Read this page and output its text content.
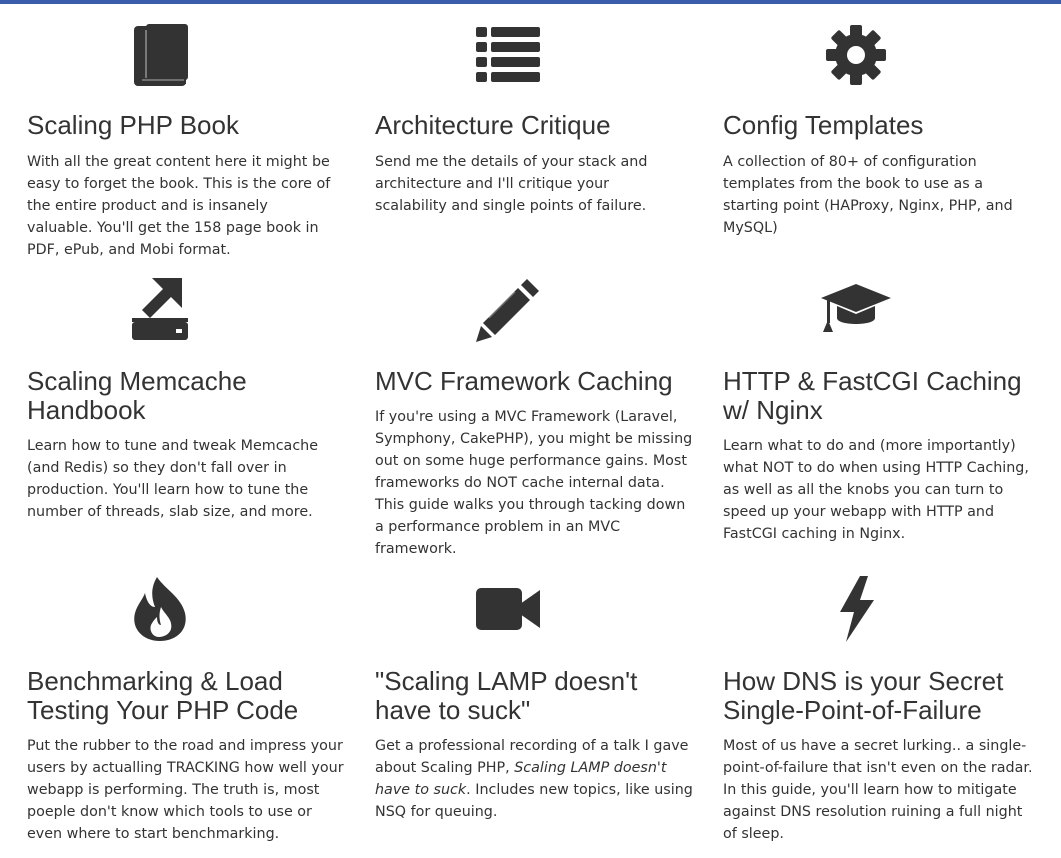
Scaling PHP Book

With all the great content here it might be easy to forget the book. This is the core of the entire product and is insanely valuable. You'll get the 158 page book in PDF, ePub, and Mobi format.

Architecture Critique

Send me the details of your stack and architecture and I'll critique your scalability and single points of failure.

Config Templates

A collection of 80+ of configuration templates from the book to use as a starting point (HAProxy, Nginx, PHP, and MySQL)

Scaling Memcache Handbook

Learn how to tune and tweak Memcache (and Redis) so they don't fall over in production. You'll learn how to tune the number of threads, slab size, and more.

MVC Framework Caching

If you're using a MVC Framework (Laravel, Symphony, CakePHP), you might be missing out on some huge performance gains. Most frameworks do NOT cache internal data. This guide walks you through tacking down a performance problem in an MVC framework.

HTTP & FastCGI Caching w/ Nginx

Learn what to do and (more importantly) what NOT to do when using HTTP Caching, as well as all the knobs you can turn to speed up your webapp with HTTP and FastCGI caching in Nginx.

Benchmarking & Load Testing Your PHP Code

Put the rubber to the road and impress your users by actualling TRACKING how well your webapp is performing. The truth is, most poeple don't know which tools to use or even where to start benchmarking.

"Scaling LAMP doesn't have to suck"

Get a professional recording of a talk I gave about Scaling PHP, Scaling LAMP doesn't have to suck. Includes new topics, like using NSQ for queuing.

How DNS is your Secret Single-Point-of-Failure

Most of us have a secret lurking.. a single-point-of-failure that isn't even on the radar. In this guide, you'll learn how to mitigate against DNS resolution ruining a full night of sleep.
